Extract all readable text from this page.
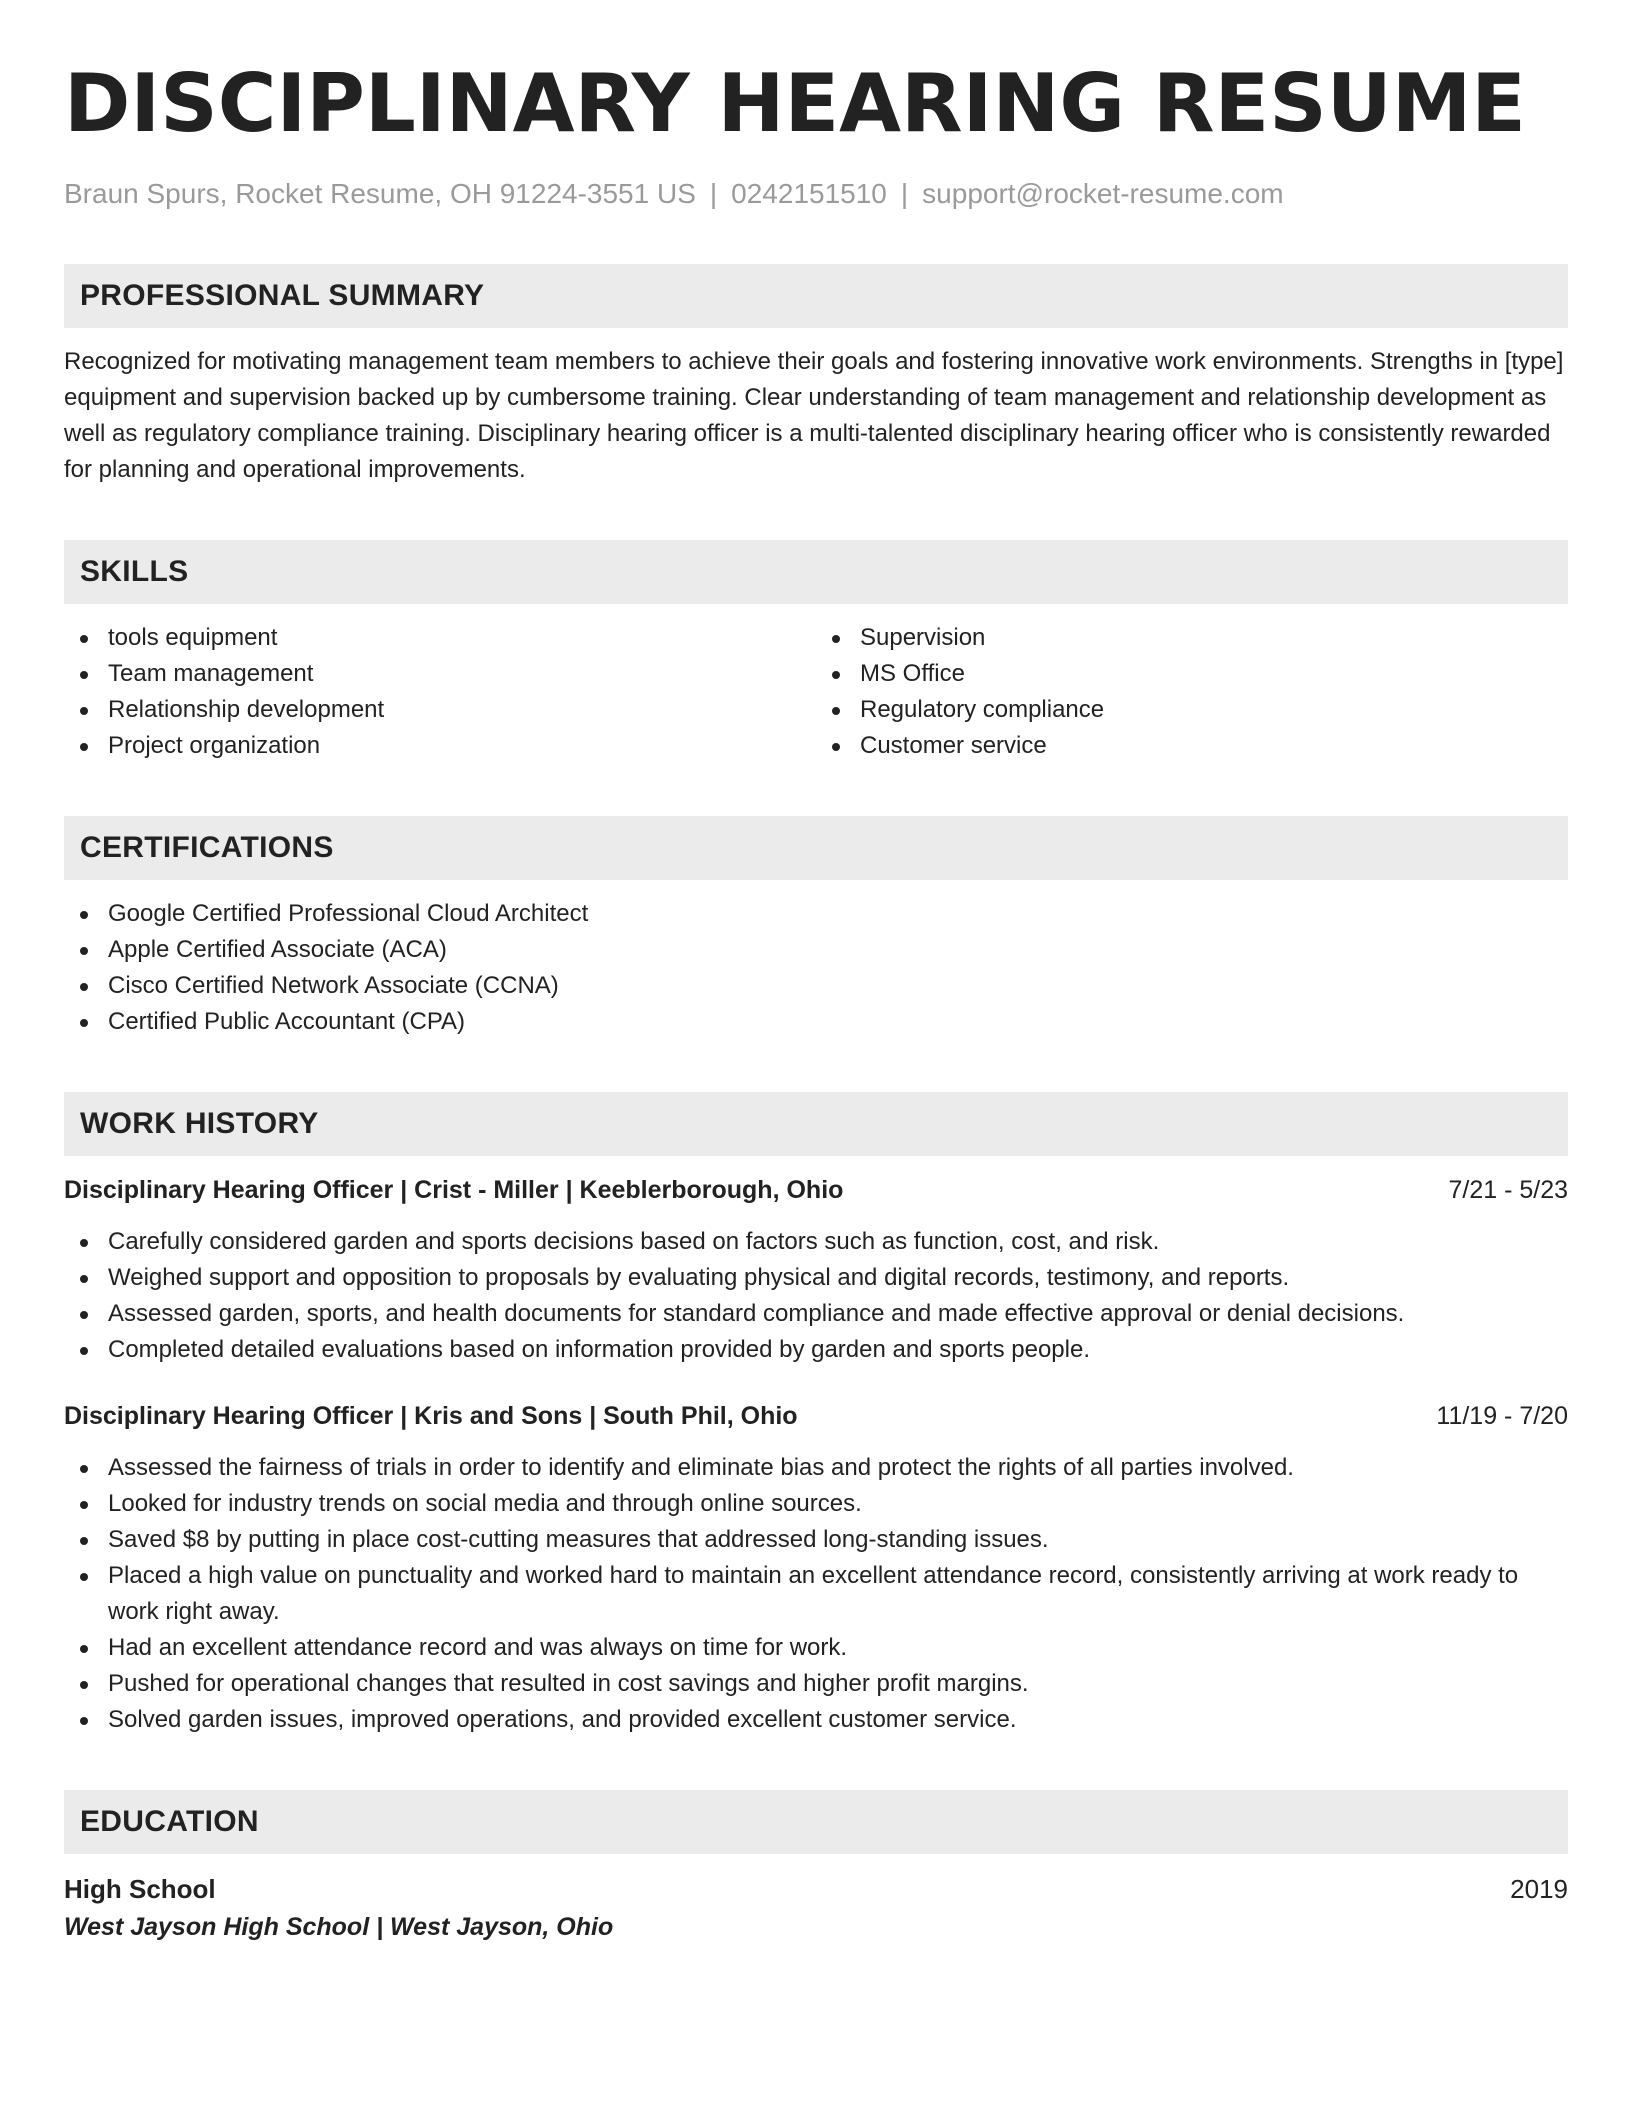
DISCIPLINARY HEARING RESUME
Braun Spurs, Rocket Resume, OH 91224-3551 US | 0242151510 | support@rocket-resume.com
PROFESSIONAL SUMMARY

Recognized for motivating management team members to achieve their goals and fostering innovative work environments. Strengths in [type] equipment and supervision backed up by cumbersome training. Clear understanding of team management and relationship development as well as regulatory compliance training. Disciplinary hearing officer is a multi-talented disciplinary hearing officer who is consistently rewarded for planning and operational improvements.

SKILLS
tools equipment
Team management
Relationship development
Project organization
Supervision
MS Office
Regulatory compliance
Customer service
CERTIFICATIONS
Google Certified Professional Cloud Architect
Apple Certified Associate (ACA)
Cisco Certified Network Associate (CCNA)
Certified Public Accountant (CPA)
WORK HISTORY
Disciplinary Hearing Officer | Crist - Miller | Keeblerborough, Ohio	7/21 - 5/23
Carefully considered garden and sports decisions based on factors such as function, cost, and risk.
Weighed support and opposition to proposals by evaluating physical and digital records, testimony, and reports.
Assessed garden, sports, and health documents for standard compliance and made effective approval or denial decisions.
Completed detailed evaluations based on information provided by garden and sports people.
Disciplinary Hearing Officer | Kris and Sons | South Phil, Ohio	11/19 - 7/20
Assessed the fairness of trials in order to identify and eliminate bias and protect the rights of all parties involved.
Looked for industry trends on social media and through online sources.
Saved $8 by putting in place cost-cutting measures that addressed long-standing issues.
Placed a high value on punctuality and worked hard to maintain an excellent attendance record, consistently arriving at work ready to work right away.
Had an excellent attendance record and was always on time for work.
Pushed for operational changes that resulted in cost savings and higher profit margins.
Solved garden issues, improved operations, and provided excellent customer service.
EDUCATION
High School	2019
West Jayson High School | West Jayson, Ohio
